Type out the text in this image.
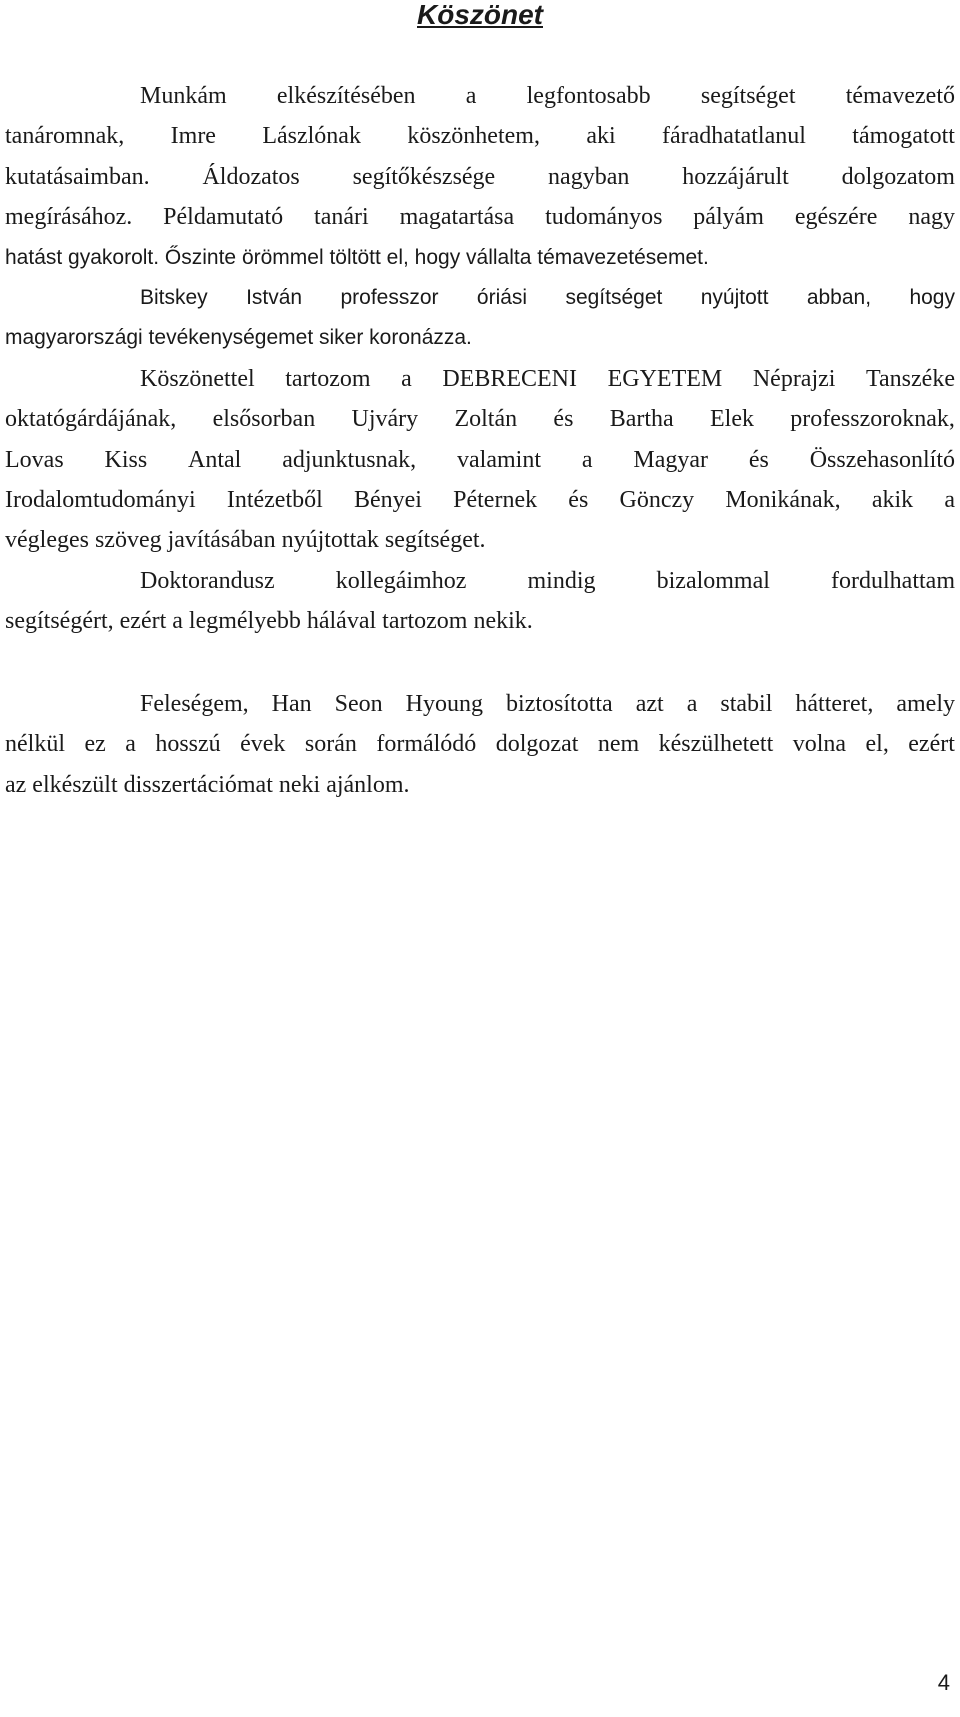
Köszönet
Munkám elkészítésében a legfontosabb segítséget témavezető
tanáromnak, Imre Lászlónak köszönhetem, aki fáradhatatlanul támogatott
kutatásaimban. Áldozatos segítőkészsége nagyban hozzájárult dolgozatom
megírásához. Példamutató tanári magatartása tudományos pályám egészére nagy
hatást gyakorolt. Őszinte örömmel töltött el, hogy vállalta témavezetésemet.
Bitskey István professzor óriási segítséget nyújtott abban, hogy
magyarországi tevékenységemet siker koronázza.
Köszönettel tartozom a DEBRECENI EGYETEM Néprajzi Tanszéke
oktatógárdájának, elsősorban Ujváry Zoltán és Bartha Elek professzoroknak,
Lovas Kiss Antal adjunktusnak, valamint a Magyar és Összehasonlító
Irodalomtudományi Intézetből Bényei Péternek és Gönczy Monikának, akik a
végleges szöveg javításában nyújtottak segítséget.
Doktorandusz	kollegáimhoz	mindig	bizalommal	fordulhattam
segítségért, ezért a legmélyebb hálával tartozom nekik.
Feleségem, Han Seon Hyoung biztosította azt a stabil hátteret, amely
nélkül ez a hosszú évek során formálódó dolgozat nem készülhetett volna el, ezért
az elkészült disszertációmat neki ajánlom.
4
